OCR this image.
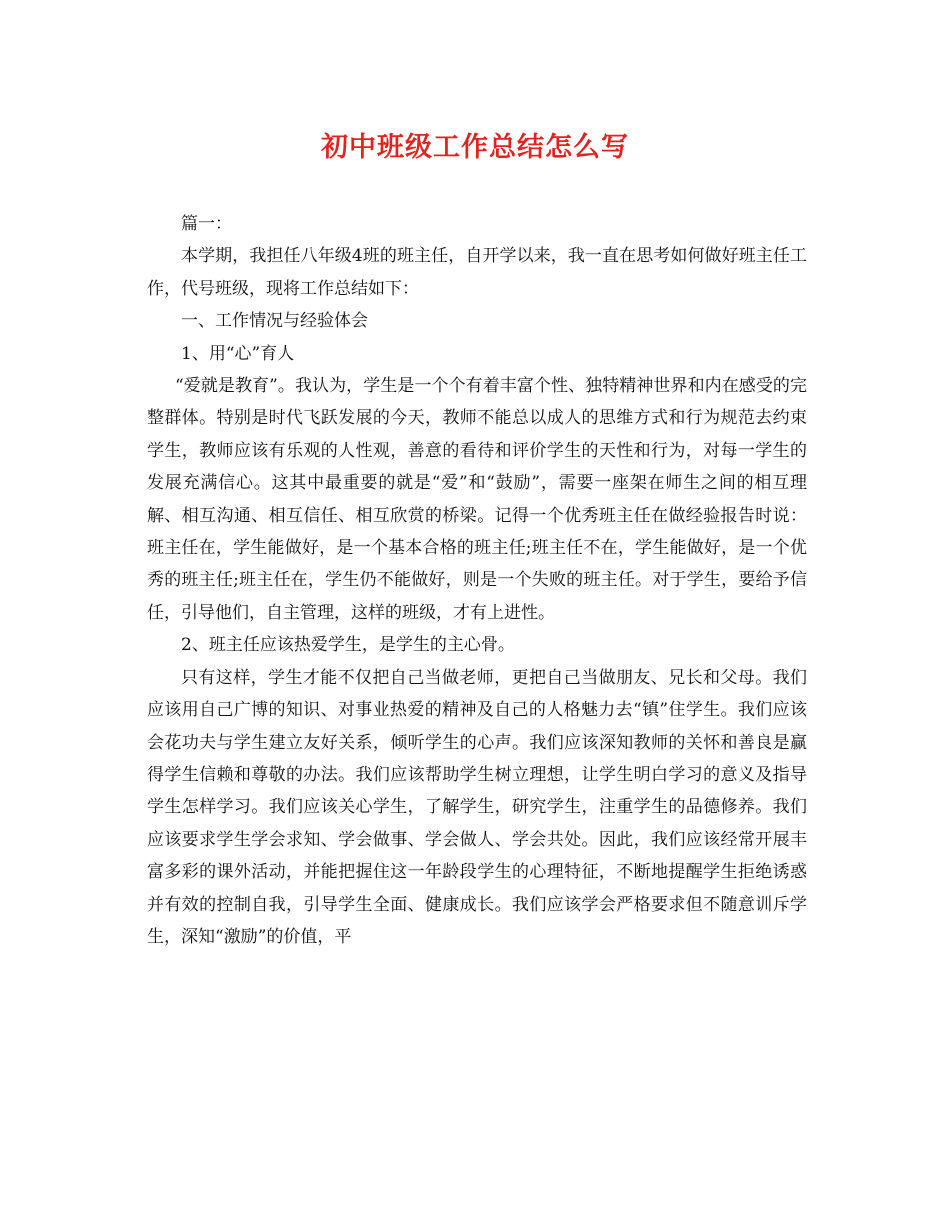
初中班级工作总结怎么写

篇一：

本学期，我担任八年级4班的班主任，自开学以来，我一直在思考如何做好班主任工作，代号班级，现将工作总结如下：

一、工作情况与经验体会

1、用“心”育人

“爱就是教育”。我认为，学生是一个个有着丰富个性、独特精神世界和内在感受的完整群体。特别是时代飞跃发展的今天，教师不能总以成人的思维方式和行为规范去约束学生，教师应该有乐观的人性观，善意的看待和评价学生的天性和行为，对每一学生的发展充满信心。这其中最重要的就是“爱”和“鼓励”，需要一座架在师生之间的相互理解、相互沟通、相互信任、相互欣赏的桥梁。记得一个优秀班主任在做经验报告时说：班主任在，学生能做好，是一个基本合格的班主任;班主任不在，学生能做好，是一个优秀的班主任;班主任在，学生仍不能做好，则是一个失败的班主任。对于学生，要给予信任，引导他们，自主管理，这样的班级，才有上进性。

2、班主任应该热爱学生，是学生的主心骨。

只有这样，学生才能不仅把自己当做老师，更把自己当做朋友、兄长和父母。我们应该用自己广博的知识、对事业热爱的精神及自己的人格魅力去“镇”住学生。我们应该会花功夫与学生建立友好关系，倾听学生的心声。我们应该深知教师的关怀和善良是赢得学生信赖和尊敬的办法。我们应该帮助学生树立理想，让学生明白学习的意义及指导学生怎样学习。我们应该关心学生，了解学生，研究学生，注重学生的品德修养。我们应该要求学生学会求知、学会做事、学会做人、学会共处。因此，我们应该经常开展丰富多彩的课外活动，并能把握住这一年龄段学生的心理特征，不断地提醒学生拒绝诱惑并有效的控制自我，引导学生全面、健康成长。我们应该学会严格要求但不随意训斥学生，深知“激励”的价值，平
